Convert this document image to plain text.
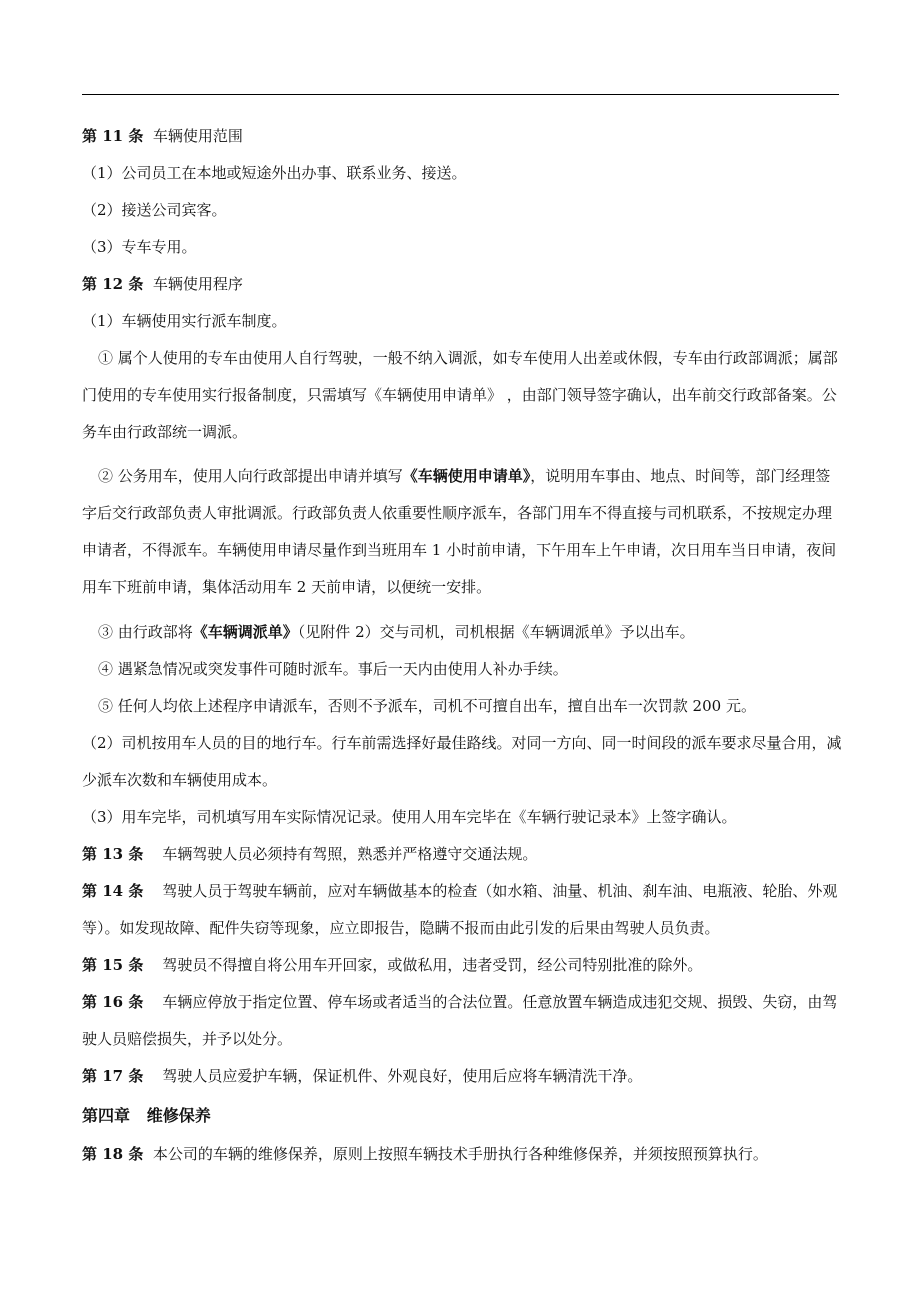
第 11 条 车辆使用范围
（1）公司员工在本地或短途外出办事、联系业务、接送。
（2）接送公司宾客。
（3）专车专用。
第 12 条 车辆使用程序
（1）车辆使用实行派车制度。
① 属个人使用的专车由使用人自行驾驶，一般不纳入调派，如专车使用人出差或休假，专车由行政部调派；属部门使用的专车使用实行报备制度，只需填写《车辆使用申请单》 ，由部门领导签字确认，出车前交行政部备案。公务车由行政部统一调派。
② 公务用车，使用人向行政部提出申请并填写《车辆使用申请单》，说明用车事由、地点、时间等，部门经理签字后交行政部负责人审批调派。行政部负责人依重要性顺序派车，各部门用车不得直接与司机联系，不按规定办理申请者，不得派车。车辆使用申请尽量作到当班用车 1 小时前申请，下午用车上午申请，次日用车当日申请，夜间用车下班前申请，集体活动用车 2 天前申请，以便统一安排。
③ 由行政部将《车辆调派单》（见附件 2）交与司机，司机根据《车辆调派单》予以出车。
④ 遇紧急情况或突发事件可随时派车。事后一天内由使用人补办手续。
⑤ 任何人均依上述程序申请派车，否则不予派车，司机不可擅自出车，擅自出车一次罚款 200 元。
（2）司机按用车人员的目的地行车。行车前需选择好最佳路线。对同一方向、同一时间段的派车要求尽量合用，减少派车次数和车辆使用成本。
（3）用车完毕，司机填写用车实际情况记录。使用人用车完毕在《车辆行驶记录本》上签字确认。
第 13 条 车辆驾驶人员必须持有驾照，熟悉并严格遵守交通法规。
第 14 条 驾驶人员于驾驶车辆前，应对车辆做基本的检查（如水箱、油量、机油、刹车油、电瓶液、轮胎、外观等）。如发现故障、配件失窃等现象，应立即报告，隐瞒不报而由此引发的后果由驾驶人员负责。
第 15 条 驾驶员不得擅自将公用车开回家，或做私用，违者受罚，经公司特别批准的除外。
第 16 条 车辆应停放于指定位置、停车场或者适当的合法位置。任意放置车辆造成违犯交规、损毁、失窃，由驾驶人员赔偿损失，并予以处分。
第 17 条 驾驶人员应爱护车辆，保证机件、外观良好，使用后应将车辆清洗干净。
第四章 维修保养
第 18 条 本公司的车辆的维修保养，原则上按照车辆技术手册执行各种维修保养，并须按照预算执行。
